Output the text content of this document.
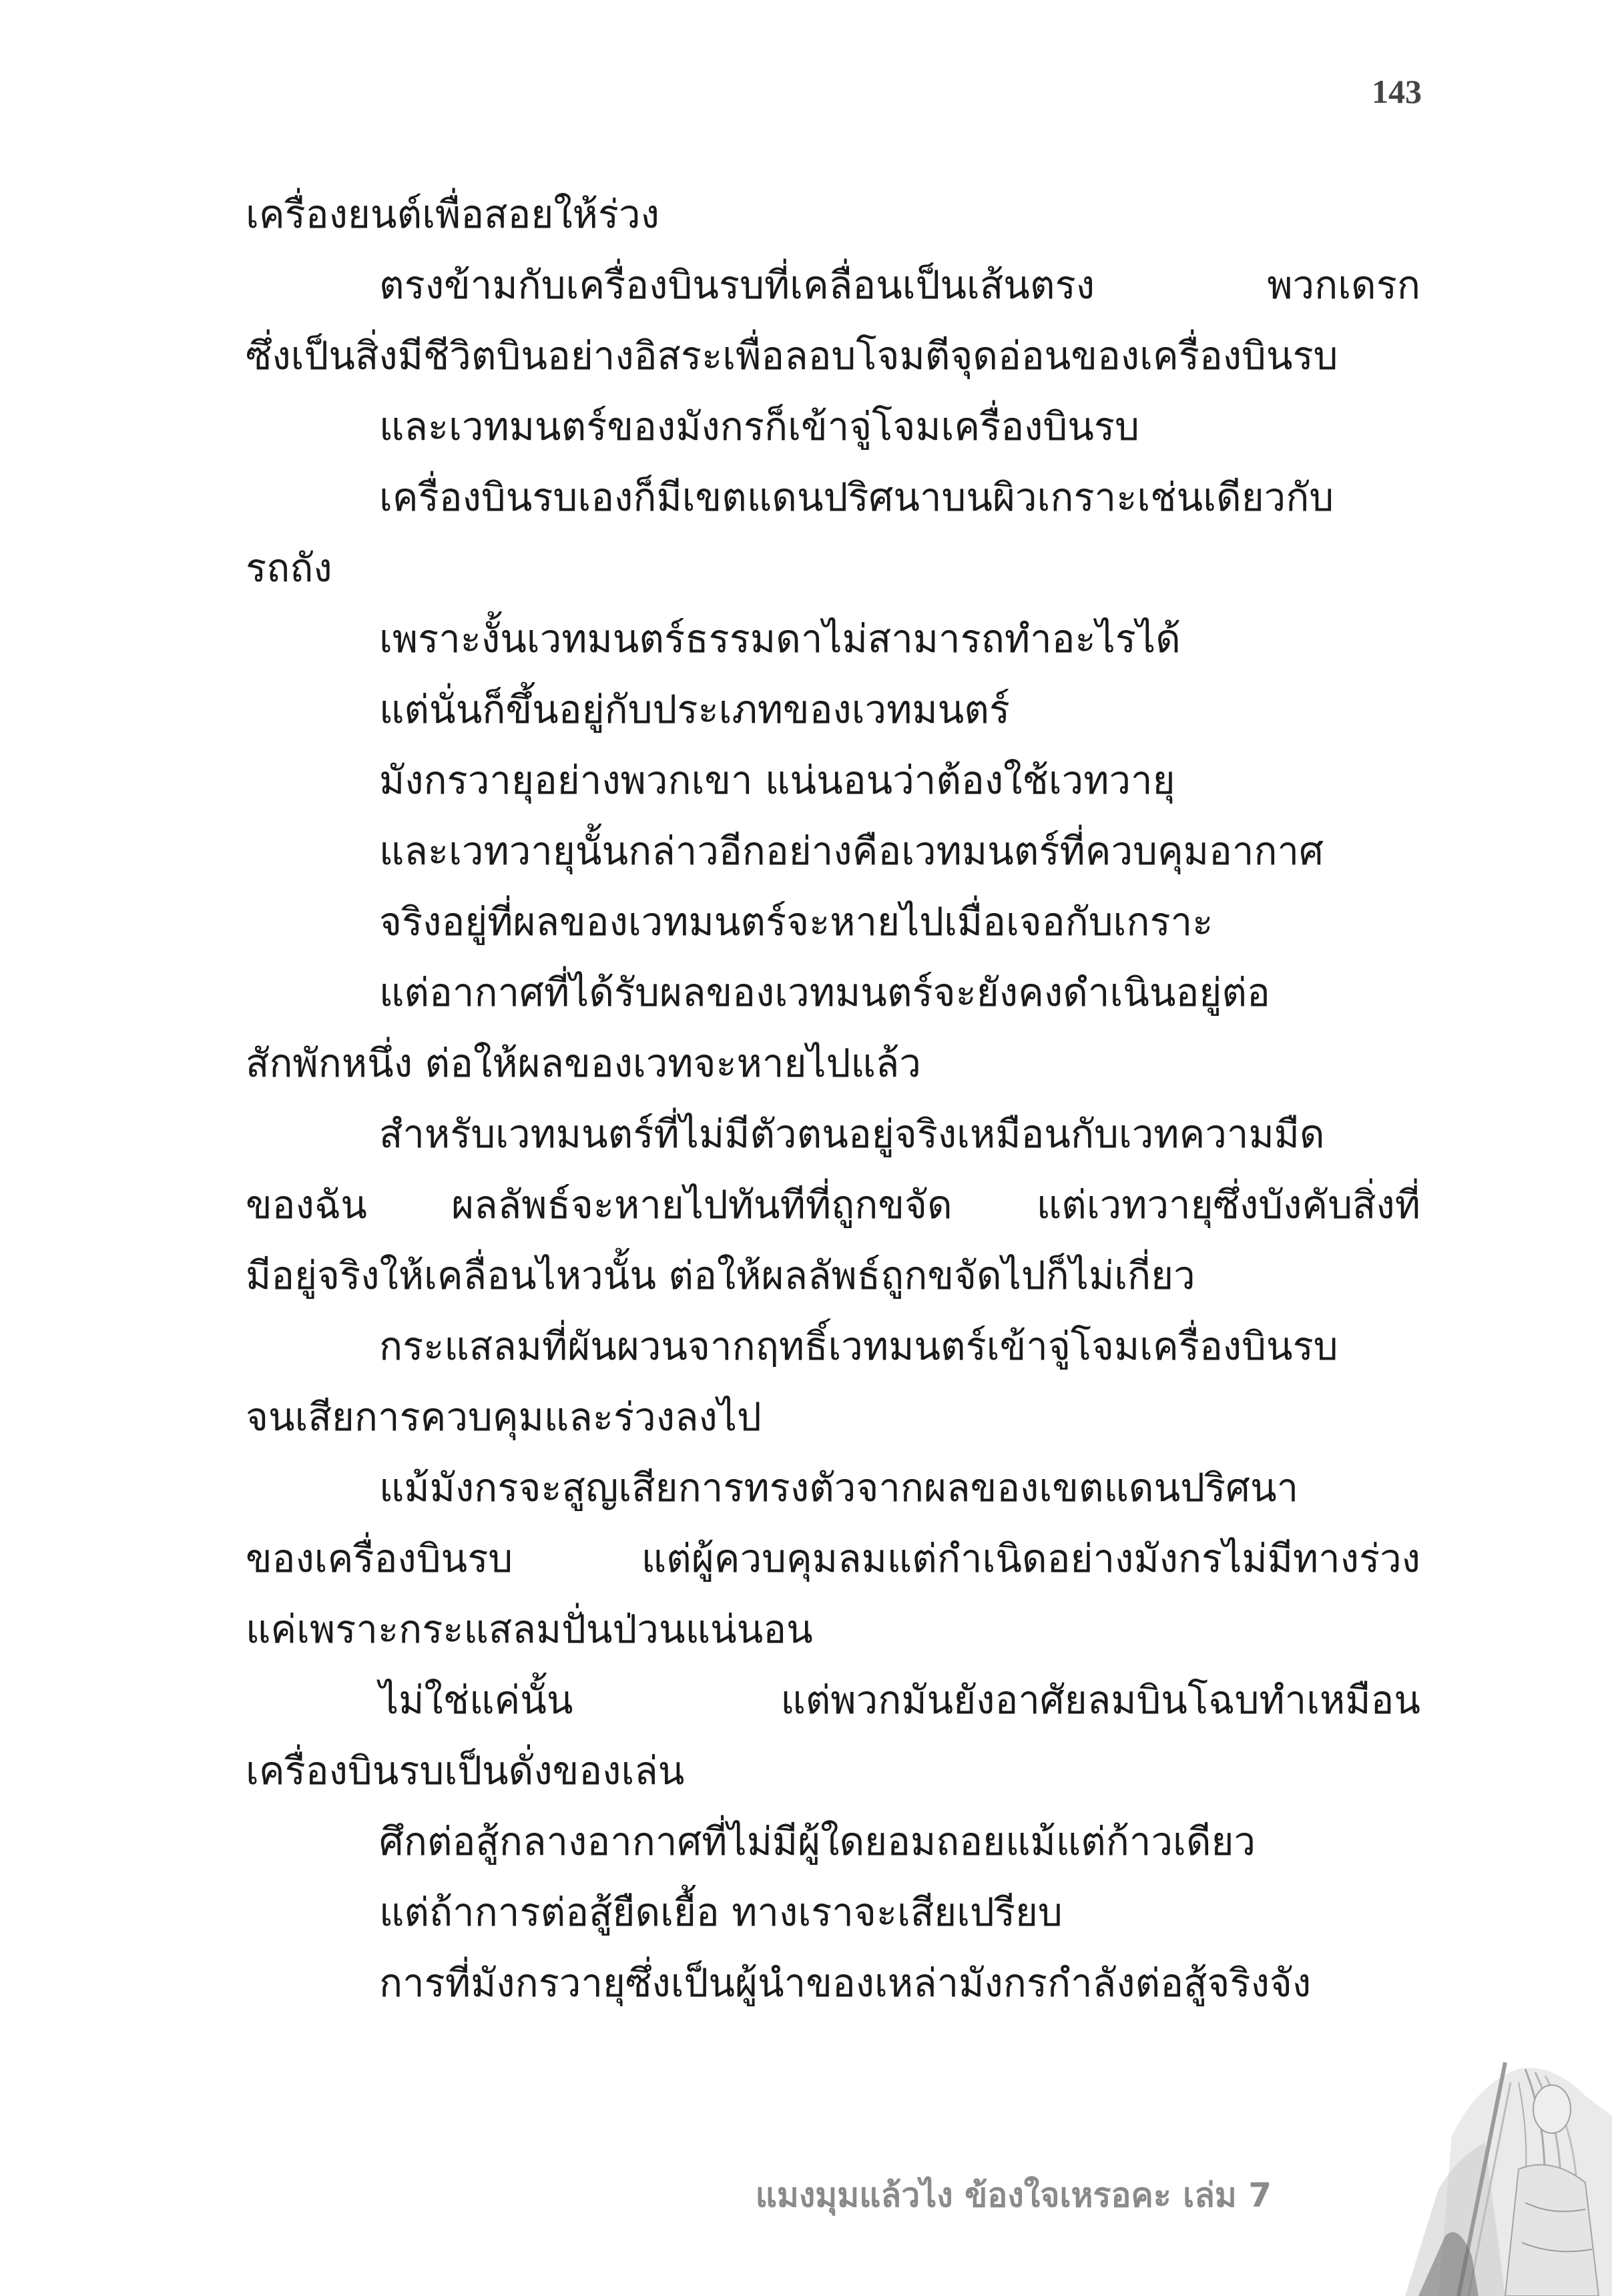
143
เครื่องยนต์เพื่อสอยให้ร่วง
ตรงข้ามกับเครื่องบินรบที่เคลื่อนเป็นเส้นตรง พวกเดรก
ซึ่งเป็นสิ่งมีชีวิตบินอย่างอิสระเพื่อลอบโจมตีจุดอ่อนของเครื่องบินรบ
และเวทมนตร์ของมังกรก็เข้าจู่โจมเครื่องบินรบ
เครื่องบินรบเองก็มีเขตแดนปริศนาบนผิวเกราะเช่นเดียวกับ
รถถัง
เพราะงั้นเวทมนตร์ธรรมดาไม่สามารถทำอะไรได้
แต่นั่นก็ขึ้นอยู่กับประเภทของเวทมนตร์
มังกรวายุอย่างพวกเขา แน่นอนว่าต้องใช้เวทวายุ
และเวทวายุนั้นกล่าวอีกอย่างคือเวทมนตร์ที่ควบคุมอากาศ
จริงอยู่ที่ผลของเวทมนตร์จะหายไปเมื่อเจอกับเกราะ
แต่อากาศที่ได้รับผลของเวทมนตร์จะยังคงดำเนินอยู่ต่อ
สักพักหนึ่ง ต่อให้ผลของเวทจะหายไปแล้ว
สำหรับเวทมนตร์ที่ไม่มีตัวตนอยู่จริงเหมือนกับเวทความมืด
ของฉัน ผลลัพธ์จะหายไปทันทีที่ถูกขจัด แต่เวทวายุซึ่งบังคับสิ่งที่
มีอยู่จริงให้เคลื่อนไหวนั้น ต่อให้ผลลัพธ์ถูกขจัดไปก็ไม่เกี่ยว
กระแสลมที่ผันผวนจากฤทธิ์เวทมนตร์เข้าจู่โจมเครื่องบินรบ
จนเสียการควบคุมและร่วงลงไป
แม้มังกรจะสูญเสียการทรงตัวจากผลของเขตแดนปริศนา
ของเครื่องบินรบ แต่ผู้ควบคุมลมแต่กำเนิดอย่างมังกรไม่มีทางร่วง
แค่เพราะกระแสลมปั่นป่วนแน่นอน
ไม่ใช่แค่นั้น แต่พวกมันยังอาศัยลมบินโฉบทำเหมือน
เครื่องบินรบเป็นดั่งของเล่น
ศึกต่อสู้กลางอากาศที่ไม่มีผู้ใดยอมถอยแม้แต่ก้าวเดียว
แต่ถ้าการต่อสู้ยืดเยื้อ ทางเราจะเสียเปรียบ
การที่มังกรวายุซึ่งเป็นผู้นำของเหล่ามังกรกำลังต่อสู้จริงจัง
แมงมุมแล้วไง ข้องใจเหรอคะ เล่ม 7
